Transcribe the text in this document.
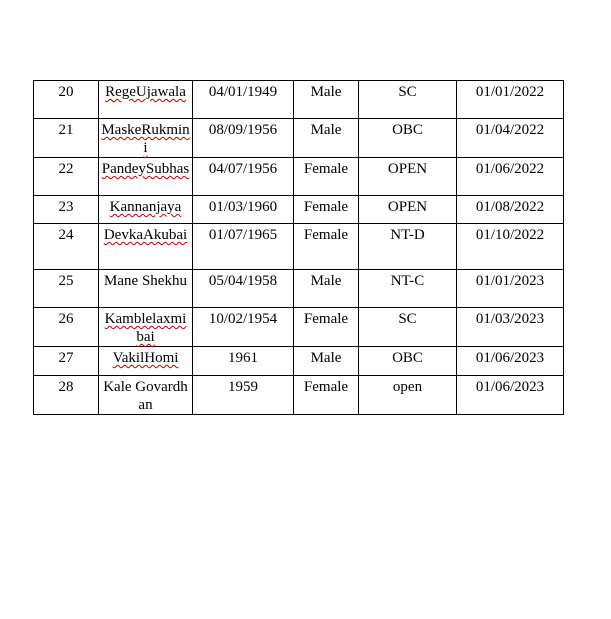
20	RegeUjawala	04/01/1949	Male	SC	01/01/2022
21	MaskeRukmini	08/09/1956	Male	OBC	01/04/2022
22	PandeySubhas	04/07/1956	Female	OPEN	01/06/2022
23	Kannanjaya	01/03/1960	Female	OPEN	01/08/2022
24	DevkaAkubai	01/07/1965	Female	NT-D	01/10/2022
25	Mane Shekhu	05/04/1958	Male	NT-C	01/01/2023
26	Kamblelaxmibai	10/02/1954	Female	SC	01/03/2023
27	VakilHomi	1961	Male	OBC	01/06/2023
28	Kale Govardhan	1959	Female	open	01/06/2023
